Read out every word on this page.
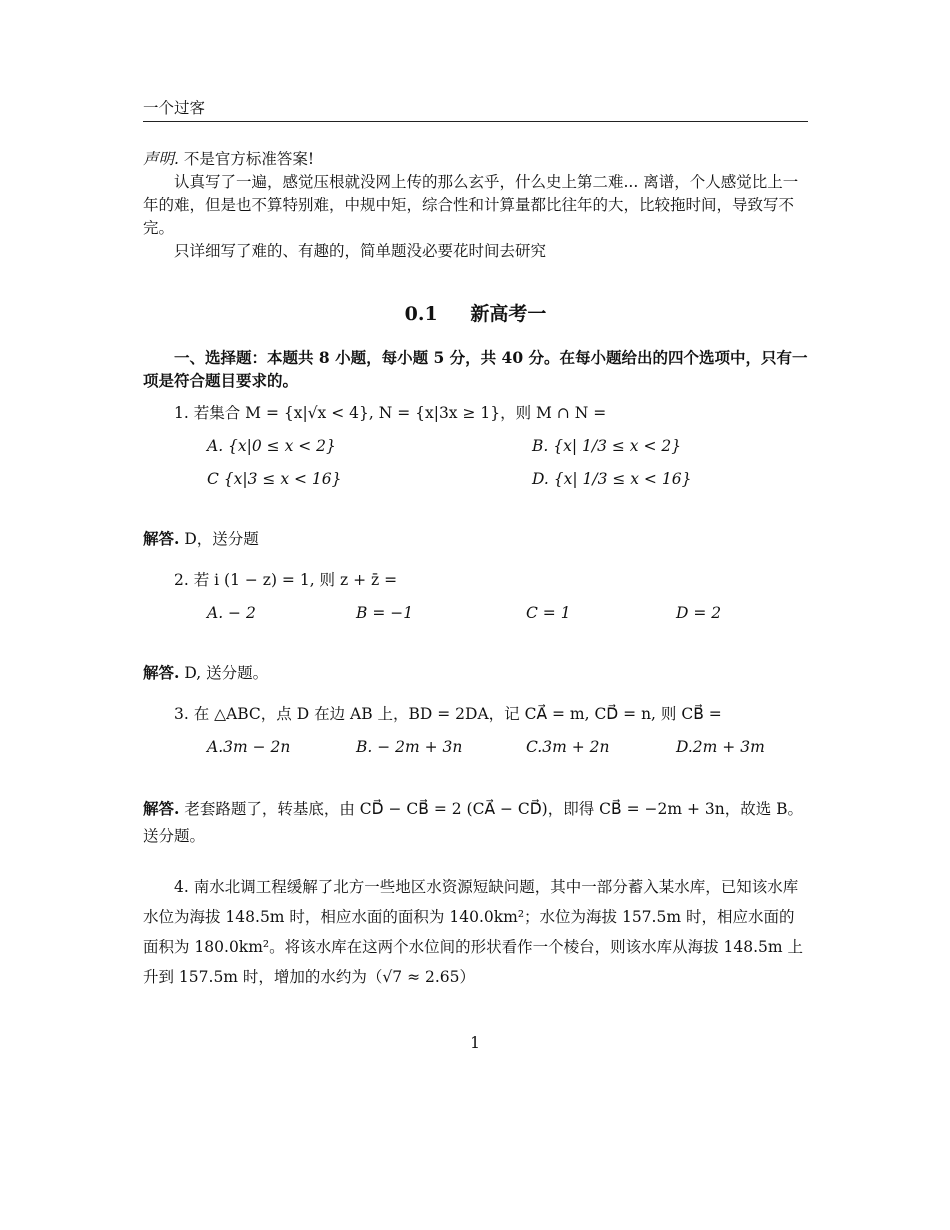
一个过客

声明. 不是官方标准答案!

认真写了一遍，感觉压根就没网上传的那么玄乎，什么史上第二难... 离谱，个人感觉比上一年的难，但是也不算特别难，中规中矩，综合性和计算量都比往年的大，比较拖时间，导致写不完。

只详细写了难的、有趣的，简单题没必要花时间去研究

0.1 新高考一

一、选择题：本题共 8 小题，每小题 5 分，共 40 分。在每小题给出的四个选项中，只有一项是符合题目要求的。

1. 若集合 M = {x|√x < 4}, N = {x|3x ≥ 1}，则 M ∩ N =

A. {x|0 ≤ x < 2}	B. {x| 1/3 ≤ x < 2}
C {x|3 ≤ x < 16}	D. {x| 1/3 ≤ x < 16}

解答. D，送分题

2. 若 i (1 − z) = 1, 则 z + z̄ =

A. − 2	B = −1	C = 1	D = 2

解答. D, 送分题。

3. 在 △ABC，点 D 在边 AB 上，BD = 2DA，记 CA⃗ = m, CD⃗ = n, 则 CB⃗ =

A.3m − 2n	B. − 2m + 3n	C.3m + 2n	D.2m + 3m

解答. 老套路题了，转基底，由 CD⃗ − CB⃗ = 2 (CA⃗ − CD⃗)，即得 CB⃗ = −2m + 3n，故选 B。送分题。

4. 南水北调工程缓解了北方一些地区水资源短缺问题，其中一部分蓄入某水库，已知该水库水位为海拔 148.5m 时，相应水面的面积为 140.0km²；水位为海拔 157.5m 时，相应水面的面积为 180.0km²。将该水库在这两个水位间的形状看作一个棱台，则该水库从海拔 148.5m 上升到 157.5m 时，增加的水约为（√7 ≈ 2.65）

1
